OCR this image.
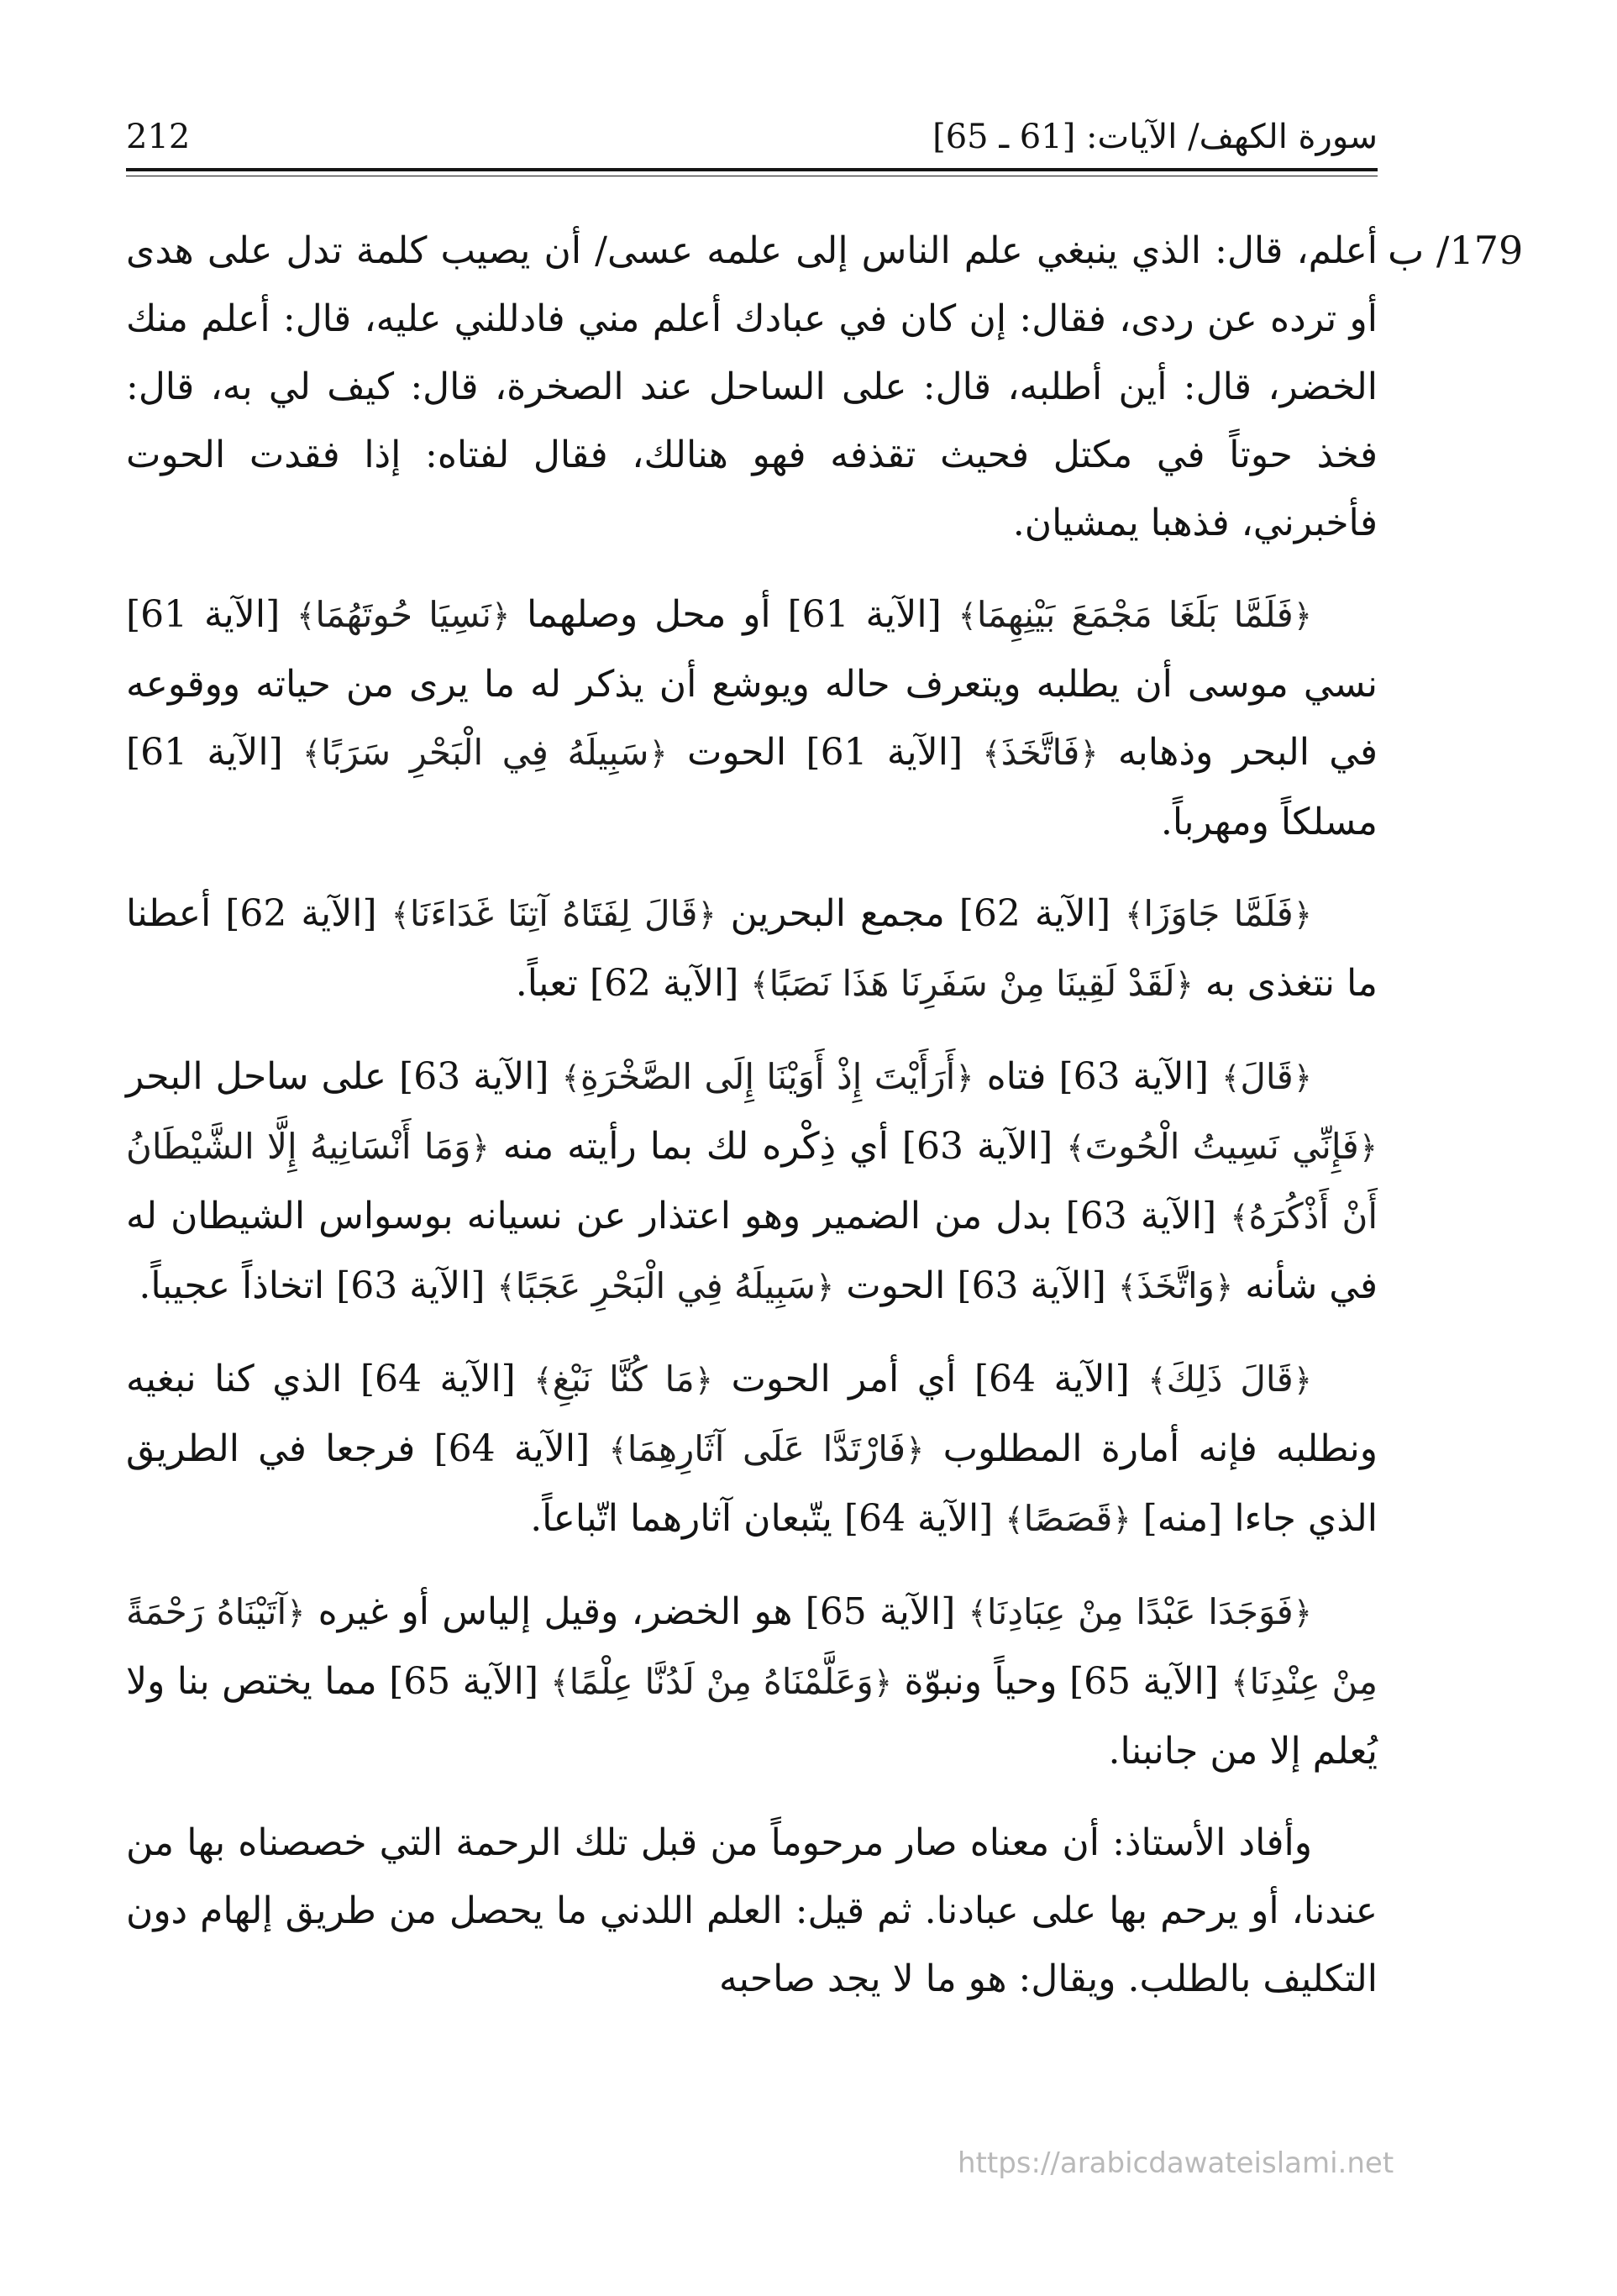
212	سورة الكهف/ الآيات: [61 ـ 65]
179/ ب

أعلم، قال: الذي ينبغي علم الناس إلى علمه عسى/ أن يصيب كلمة تدل على هدى أو ترده عن ردى، فقال: إن كان في عبادك أعلم مني فادللني عليه، قال: أعلم منك الخضر، قال: أين أطلبه، قال: على الساحل عند الصخرة، قال: كيف لي به، قال: فخذ حوتاً في مكتل فحيث تقذفه فهو هنالك، فقال لفتاه: إذا فقدت الحوت فأخبرني، فذهبا يمشيان.

﴿فَلَمَّا بَلَغَا مَجْمَعَ بَيْنِهِمَا﴾ [الآية 61] أو محل وصلهما ﴿نَسِيَا حُوتَهُمَا﴾ [الآية 61] نسي موسى أن يطلبه ويتعرف حاله ويوشع أن يذكر له ما يرى من حياته ووقوعه في البحر وذهابه ﴿فَاتَّخَذَ﴾ [الآية 61] الحوت ﴿سَبِيلَهُ فِي الْبَحْرِ سَرَبًا﴾ [الآية 61] مسلكاً ومهرباً.

﴿فَلَمَّا جَاوَزَا﴾ [الآية 62] مجمع البحرين ﴿قَالَ لِفَتَاهُ آتِنَا غَدَاءَنَا﴾ [الآية 62] أعطنا ما نتغذى به ﴿لَقَدْ لَقِينَا مِنْ سَفَرِنَا هَذَا نَصَبًا﴾ [الآية 62] تعباً.

﴿قَالَ﴾ [الآية 63] فتاه ﴿أَرَأَيْتَ إِذْ أَوَيْنَا إِلَى الصَّخْرَةِ﴾ [الآية 63] على ساحل البحر ﴿فَإِنِّي نَسِيتُ الْحُوتَ﴾ [الآية 63] أي ذِكْره لك بما رأيته منه ﴿وَمَا أَنْسَانِيهُ إِلَّا الشَّيْطَانُ أَنْ أَذْكُرَهُ﴾ [الآية 63] بدل من الضمير وهو اعتذار عن نسيانه بوسواس الشيطان له في شأنه ﴿وَاتَّخَذَ﴾ [الآية 63] الحوت ﴿سَبِيلَهُ فِي الْبَحْرِ عَجَبًا﴾ [الآية 63] اتخاذاً عجيباً.

﴿قَالَ ذَلِكَ﴾ [الآية 64] أي أمر الحوت ﴿مَا كُنَّا نَبْغِ﴾ [الآية 64] الذي كنا نبغيه ونطلبه فإنه أمارة المطلوب ﴿فَارْتَدَّا عَلَى آثَارِهِمَا﴾ [الآية 64] فرجعا في الطريق الذي جاءا [منه] ﴿قَصَصًا﴾ [الآية 64] يتّبعان آثارهما اتّباعاً.

﴿فَوَجَدَا عَبْدًا مِنْ عِبَادِنَا﴾ [الآية 65] هو الخضر، وقيل إلياس أو غيره ﴿آتَيْنَاهُ رَحْمَةً مِنْ عِنْدِنَا﴾ [الآية 65] وحياً ونبوّة ﴿وَعَلَّمْنَاهُ مِنْ لَدُنَّا عِلْمًا﴾ [الآية 65] مما يختص بنا ولا يُعلم إلا من جانبنا.

وأفاد الأستاذ: أن معناه صار مرحوماً من قبل تلك الرحمة التي خصصناه بها من عندنا، أو يرحم بها على عبادنا. ثم قيل: العلم اللدني ما يحصل من طريق إلهام دون التكليف بالطلب. ويقال: هو ما لا يجد صاحبه

https://arabicdawateislami.net
